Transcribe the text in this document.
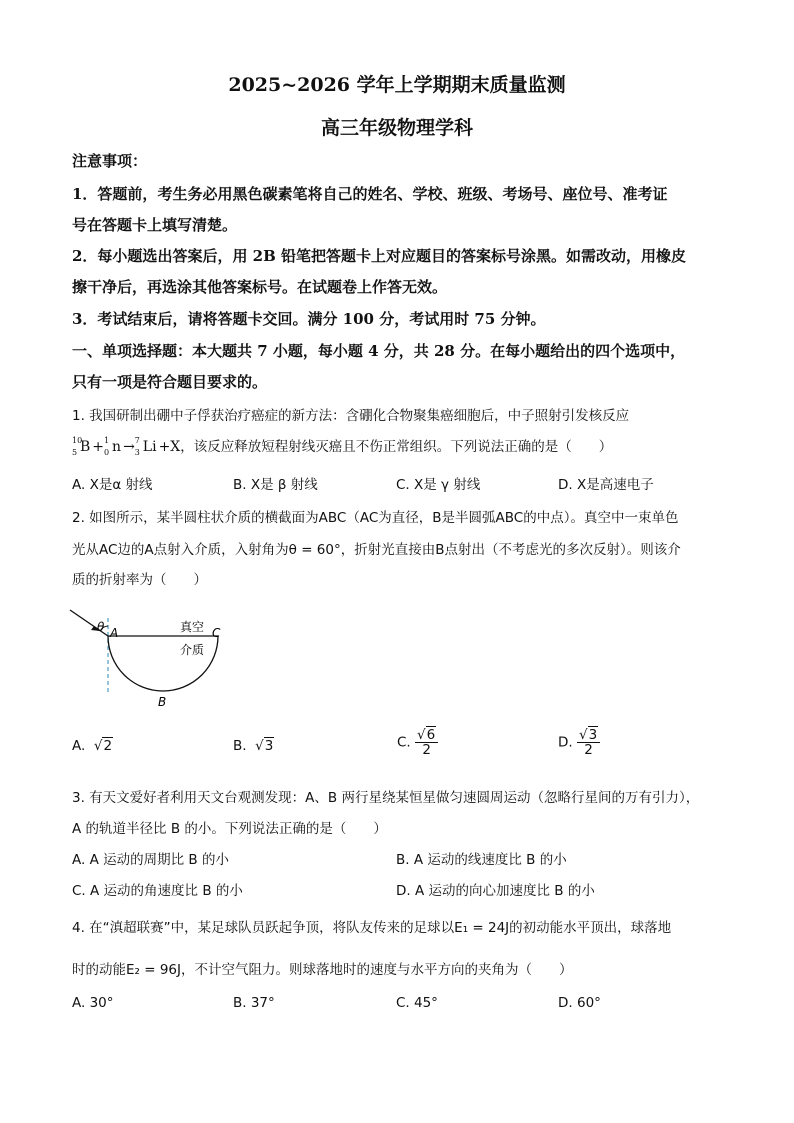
2025~2026 学年上学期期末质量监测
高三年级物理学科
注意事项：
1．答题前，考生务必用黑色碳素笔将自己的姓名、学校、班级、考场号、座位号、准考证
号在答题卡上填写清楚。
2．每小题选出答案后，用 2B 铅笔把答题卡上对应题目的答案标号涂黑。如需改动，用橡皮
擦干净后，再选涂其他答案标号。在试题卷上作答无效。
3．考试结束后，请将答题卡交回。满分 100 分，考试用时 75 分钟。
一、单项选择题：本大题共 7 小题，每小题 4 分，共 28 分。在每小题给出的四个选项中，
只有一项是符合题目要求的。
1. 我国研制出硼中子俘获治疗癌症的新方法：含硼化合物聚集癌细胞后，中子照射引发核反应
10
5 B + 1
0 n → 7
3 Li +X，该反应释放短程射线灭癌且不伤正常组织。下列说法正确的是（　　）
A. X是α 射线	B. X是 β 射线	C. X是 γ 射线	D. X是高速电子
2. 如图所示，某半圆柱状介质的横截面为ABC（AC为直径，B是半圆弧ABC的中点）。真空中一束单色
光从AC边的A点射入介质，入射角为θ = 60°，折射光直接由B点射出（不考虑光的多次反射）。则该介
质的折射率为（　　）
θ A	C
B
真空
介质
A.  √2	B.  √3	C. $\frac{√6}{2}$	D. $\frac{√3}{2}$
3. 有天文爱好者利用天文台观测发现：A、B 两行星绕某恒星做匀速圆周运动（忽略行星间的万有引力），
A 的轨道半径比 B 的小。下列说法正确的是（　　）
A. A 运动的周期比 B 的小	B. A 运动的线速度比 B 的小
C. A 运动的角速度比 B 的小	D. A 运动的向心加速度比 B 的小
4. 在“滇超联赛”中，某足球队员跃起争顶，将队友传来的足球以E₁ = 24J的初动能水平顶出，球落地
时的动能E₂ = 96J，不计空气阻力。则球落地时的速度与水平方向的夹角为（　　）
A. 30°	B. 37°	C. 45°	D. 60°
